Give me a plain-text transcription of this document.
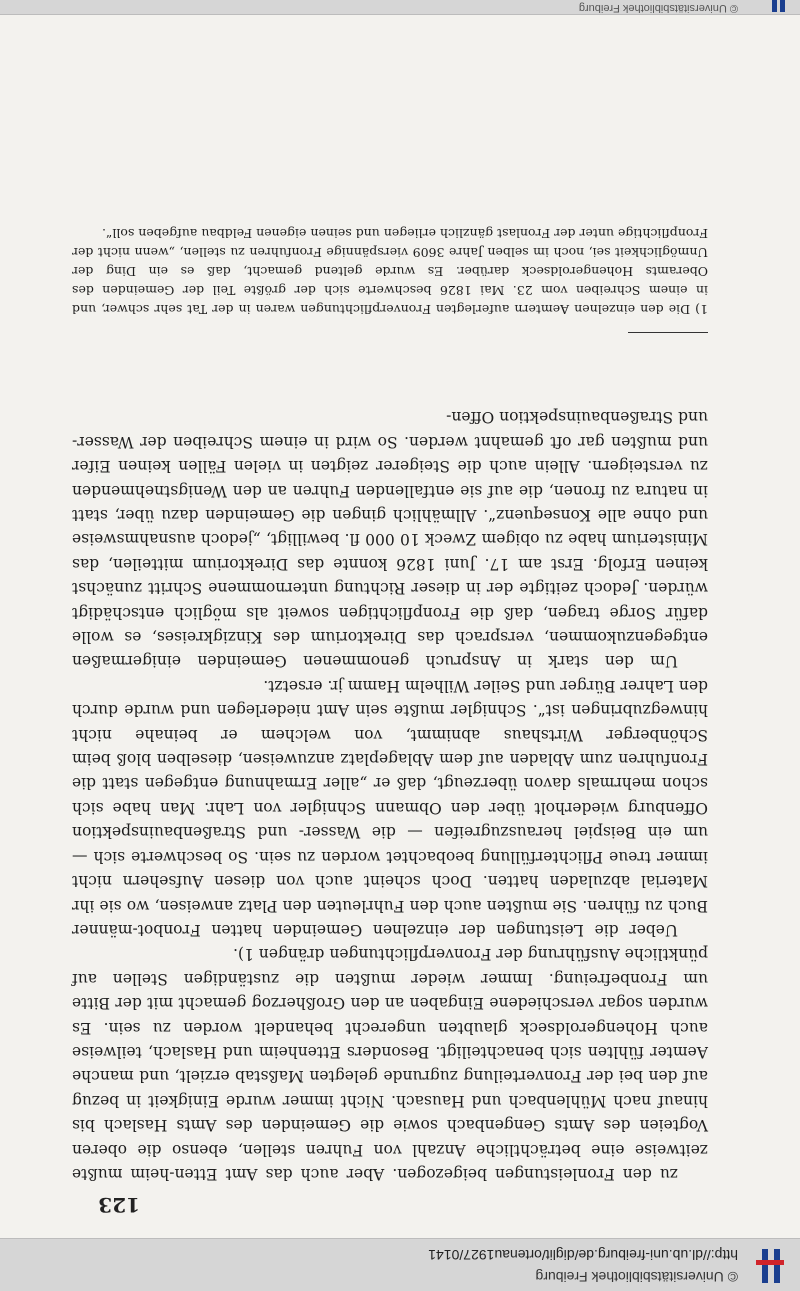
© Universitätsbibliothek Freiburg
http://dl.ub.uni-freiburg.de/diglit/ortenau1927/0141
123

zu den Fronleistungen beigezogen. Aber auch das Amt Etten-heim mußte zeitweise eine beträchtliche Anzahl von Fuhren stellen, ebenso die oberen Vogteien des Amts Gengenbach sowie die Gemeinden des Amts Haslach bis hinauf nach Mühlenbach und Hausach. Nicht immer wurde Einigkeit in bezug auf den bei der Fronverteilung zugrunde gelegten Maßstab erzielt, und manche Aemter fühlten sich benachteiligt. Besonders Ettenheim und Haslach, teilweise auch Hohengeroldseck glaubten ungerecht behandelt worden zu sein. Es wurden sogar verschiedene Eingaben an den Großherzog gemacht mit der Bitte um Fronbefreiung. Immer wieder mußten die zuständigen Stellen auf pünktliche Ausführung der Fronverpflichtungen drängen 1).

Ueber die Leistungen der einzelnen Gemeinden hatten Fronbot-männer Buch zu führen. Sie mußten auch den Fuhrleuten den Platz anweisen, wo sie ihr Material abzuladen hatten. Doch scheint auch von diesen Aufsehern nicht immer treue Pflichterfüllung beobachtet worden zu sein. So beschwerte sich — um ein Beispiel herauszugreifen — die Wasser- und Straßenbauinspektion Offenburg wiederholt über den Obmann Schnigler von Lahr. Man habe sich schon mehrmals davon überzeugt, daß er „aller Ermahnung entgegen statt die Fronfuhren zum Abladen auf dem Ablageplatz anzuweisen, dieselben bloß beim Schönberger Wirtshaus abnimmt, von welchem er beinahe nicht hinwegzubringen ist“. Schnigler mußte sein Amt niederlegen und wurde durch den Lahrer Bürger und Seiler Wilhelm Hamm jr. ersetzt.

Um den stark in Anspruch genommenen Gemeinden einigermaßen entgegenzukommen, versprach das Direktorium des Kinzigkreises, es wolle dafür Sorge tragen, daß die Fronpflichtigen soweit als möglich entschädigt würden. Jedoch zeitigte der in dieser Richtung unternommene Schritt zunächst keinen Erfolg. Erst am 17. Juni 1826 konnte das Direktorium mitteilen, das Ministerium habe zu obigem Zweck 10 000 fl. bewilligt, „jedoch ausnahmsweise und ohne alle Konsequenz“. Allmählich gingen die Gemeinden dazu über, statt in natura zu fronen, die auf sie entfallenden Fuhren an den Wenigstnehmenden zu versteigern. Allein auch die Steigerer zeigten in vielen Fällen keinen Eifer und mußten gar oft gemahnt werden. So wird in einem Schreiben der Wasser- und Straßenbauinspektion Offen-

1) Die den einzelnen Aemtern auferlegten Fronverpflichtungen waren in der Tat sehr schwer, und in einem Schreiben vom 23. Mai 1826 beschwerte sich der größte Teil der Gemeinden des Oberamts Hohengeroldseck darüber. Es wurde geltend gemacht, daß es ein Ding der Unmöglichkeit sei, noch im selben Jahre 3609 vierspännige Fronfuhren zu stellen, „wenn nicht der Fronpflichtige unter der Fronlast gänzlich erliegen und seinen eigenen Feldbau aufgeben soll“.
© Universitätsbibliothek Freiburg
